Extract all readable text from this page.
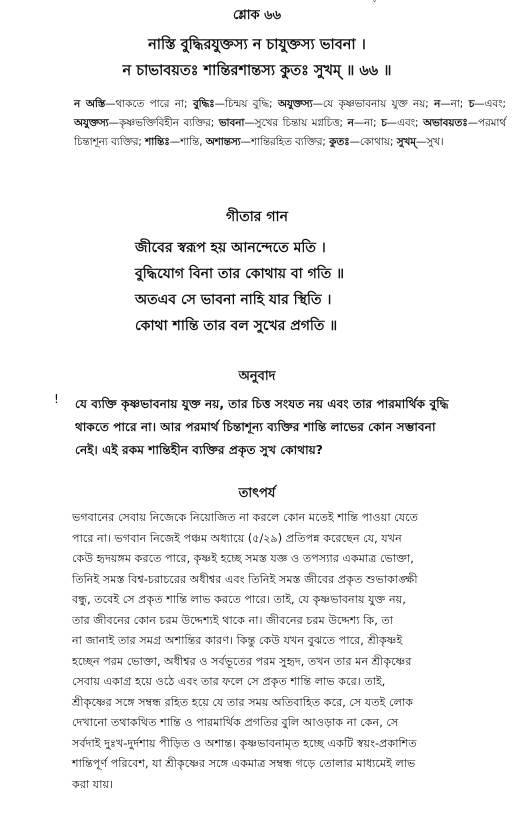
ˇ
শ্লোক ৬৬
নাস্তি বুদ্ধিরযুক্তস্য ন চাযুক্তস্য ভাবনা ।
ন চাভাবয়তঃ শান্তিরশান্তস্য কুতঃ সুখম্ ॥ ৬৬ ॥
ন অস্তি—থাকতে পারে না; বুদ্ধিঃ—চিন্ময় বুদ্ধি; অযুক্তস্য—যে কৃষ্ণভাবনায় যুক্ত নয়; ন—না; চ—এবং; অযুক্তস্য—কৃষ্ণভক্তিবিহীন ব্যক্তির; ভাবনা—সুখের চিন্তায় মগ্নচিত্ত; ন—না; চ—এবং; অভাবয়তঃ—পরমার্থ চিন্তাশূন্য ব্যক্তির; শান্তিঃ—শান্তি, অশান্তস্য—শান্তিরহিত ব্যক্তির; কুতঃ—কোথায়; সুখম্—সুখ।
গীতার গান
জীবের স্বরূপ হয় আনন্দেতে মতি ।
বুদ্ধিযোগ বিনা তার কোথায় বা গতি ॥
অতএব সে ভাবনা নাহি যার স্থিতি ।
কোথা শান্তি তার বল সুখের প্রগতি ॥
অনুবাদ
! যে ব্যক্তি কৃষ্ণভাবনায় যুক্ত নয়, তার চিত্ত সংযত নয় এবং তার পারমার্থিক বুদ্ধি
থাকতে পারে না। আর পরমার্থ চিন্তাশূন্য ব্যক্তির শান্তি লাভের কোন সম্ভাবনা
নেই। এই রকম শান্তিহীন ব্যক্তির প্রকৃত সুখ কোথায়?
তাৎপর্য
ভগবানের সেবায় নিজেকে নিয়োজিত না করলে কোন মতেই শান্তি পাওয়া যেতে
পারে না। ভগবান নিজেই পঞ্চম অধ্যায়ে (৫/২৯) প্রতিপন্ন করেছেন যে, যখন
কেউ হৃদয়ঙ্গম করতে পারে, কৃষ্ণই হচ্ছে সমস্ত যজ্ঞ ও তপস্যার একমাত্র ভোক্তা,
তিনিই সমস্ত বিশ্ব-চরাচরের অধীশ্বর এবং তিনিই সমস্ত জীবের প্রকৃত শুভাকাঙ্ক্ষী
বন্ধু, তবেই সে প্রকৃত শান্তি লাভ করতে পারে। তাই, যে কৃষ্ণভাবনায় যুক্ত নয়,
তার জীবনের কোন চরম উদ্দেশ্যই থাকে না। জীবনের চরম উদ্দেশ্য কি, তা
না জানাই তার সমগ্র অশান্তির কারণ। কিন্তু কেউ যখন বুঝতে পারে, শ্রীকৃষ্ণই
হচ্ছেন পরম ভোক্তা, অধীশ্বর ও সর্বভূতের পরম সুহৃদ, তখন তার মন শ্রীকৃষ্ণের
সেবায় একাগ্র হয়ে ওঠে এবং তার ফলে সে প্রকৃত শান্তি লাভ করে। তাই,
শ্রীকৃষ্ণের সঙ্গে সম্বন্ধ রহিত হয়ে যে তার সময় অতিবাহিত করে, সে যতই লোক
দেখানো তথাকথিত শান্তি ও পারমার্থিক প্রগতির বুলি আওড়াক না কেন, সে
সর্বদাই দুঃখ-দুর্দশায় পীড়িত ও অশান্ত। কৃষ্ণভাবনামৃত হচ্ছে একটি স্বয়ং-প্রকাশিত
শান্তিপূর্ণ পরিবেশ, যা শ্রীকৃষ্ণের সঙ্গে একমাত্র সম্বন্ধ গড়ে তোলার মাধ্যমেই লাভ
করা যায়।
